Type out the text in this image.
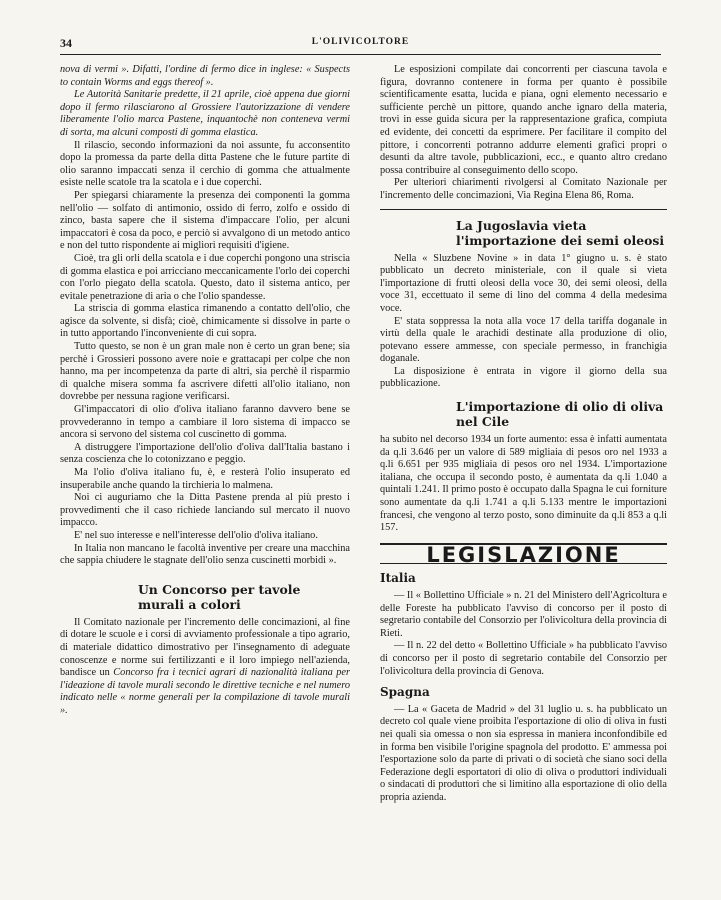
34	L'OLIVICOLTORE

nova di vermi ». Difatti, l'ordine di fermo dice in inglese: « Suspects to contain Worms and eggs thereof ».

Le Autorità Sanitarie predette, il 21 aprile, cioè appena due giorni dopo il fermo rilasciarono al Grossiere l'autorizzazione di vendere liberamente l'olio marca Pastene, inquantochè non conteneva vermi di sorta, ma alcuni composti di gomma elastica.

Il rilascio, secondo informazioni da noi assunte, fu acconsentito dopo la promessa da parte della ditta Pastene che le future partite di olio saranno impaccati senza il cerchio di gomma che attualmente esiste nelle scatole tra la scatola e i due coperchi.

Per spiegarsi chiaramente la presenza dei componenti la gomma nell'olio — solfato di antimonio, ossido di ferro, zolfo e ossido di zinco, basta sapere che il sistema d'impaccare l'olio, per alcuni impaccatori è cosa da poco, e perciò si avvalgono di un metodo antico e non del tutto rispondente ai migliori requisiti d'igiene.

Cioè, tra gli orli della scatola e i due coperchi pongono una striscia di gomma elastica e poi arricciano meccanicamente l'orlo dei coperchi con l'orlo piegato della scatola. Questo, dato il sistema antico, per evitale penetrazione di aria o che l'olio spandesse.

La striscia di gomma elastica rimanendo a contatto dell'olio, che agisce da solvente, si disfà; cioè, chimicamente si dissolve in parte o in tutto apportando l'inconveniente di cui sopra.

Tutto questo, se non è un gran male non è certo un gran bene; sia perchè i Grossieri possono avere noie e grattacapi per colpe che non hanno, ma per incompetenza da parte di altri, sia perchè il risparmio di qualche misera somma fa ascrivere difetti all'olio italiano, non dovrebbe per nessuna ragione verificarsi.

Gl'impaccatori di olio d'oliva italiano faranno davvero bene se provvederanno in tempo a cambiare il loro sistema di impacco se ancora si servono del sistema col cuscinetto di gomma.

A distruggere l'importazione dell'olio d'oliva dall'Italia bastano i senza coscienza che lo cotonizzano e peggio.

Ma l'olio d'oliva italiano fu, è, e resterà l'olio insuperato ed insuperabile anche quando la tirchieria lo malmena.

Noi ci auguriamo che la Ditta Pastene prenda al più presto i provvedimenti che il caso richiede lanciando sul mercato il nuovo impacco.

E' nel suo interesse e nell'interesse dell'olio d'oliva italiano.

In Italia non mancano le facoltà inventive per creare una macchina che sappia chiudere le stagnate dell'olio senza cuscinetti morbidi ».

Un Concorso per tavole murali a colori

Il Comitato nazionale per l'incremento delle concimazioni, al fine di dotare le scuole e i corsi di avviamento professionale a tipo agrario, di materiale didattico dimostrativo per l'insegnamento di adeguate conoscenze e norme sui fertilizzanti e il loro impiego nell'azienda, bandisce un Concorso fra i tecnici agrari di nazionalità italiana per l'ideazione di tavole murali secondo le direttive tecniche e nel numero indicato nelle « norme generali per la compilazione di tavole murali ».

Le esposizioni compilate dai concorrenti per ciascuna tavola e figura, dovranno contenere in forma per quanto è possibile scientificamente esatta, lucida e piana, ogni elemento necessario e sufficiente perchè un pittore, quando anche ignaro della materia, trovi in esse guida sicura per la rappresentazione grafica, compiuta ed evidente, dei concetti da esprimere. Per facilitare il compito del pittore, i concorrenti potranno addurre elementi grafici propri o desunti da altre tavole, pubblicazioni, ecc., e quanto altro credano possa contribuire al conseguimento dello scopo.

Per ulteriori chiarimenti rivolgersi al Comitato Nazionale per l'incremento delle concimazioni, Via Regina Elena 86, Roma.

La Jugoslavia vieta l'importazione dei semi oleosi

Nella « Sluzbene Novine » in data 1° giugno u. s. è stato pubblicato un decreto ministeriale, con il quale si vieta l'importazione di frutti oleosi della voce 30, dei semi oleosi, della voce 31, eccettuato il seme di lino del comma 4 della medesima voce.

E' stata soppressa la nota alla voce 17 della tariffa doganale in virtù della quale le arachidi destinate alla produzione di olio, potevano essere ammesse, con speciale permesso, in franchigia doganale.

La disposizione è entrata in vigore il giorno della sua pubblicazione.

L'importazione di olio di oliva nel Cile

ha subito nel decorso 1934 un forte aumento: essa è infatti aumentata da q.li 3.646 per un valore di 589 migliaia di pesos oro nel 1933 a q.li 6.651 per 935 migliaia di pesos oro nel 1934. L'importazione italiana, che occupa il secondo posto, è aumentata da q.li 1.040 a quintali 1.241. Il primo posto è occupato dalla Spagna le cui forniture sono aumentate da q.li 1.741 a q.li 5.133 mentre le importazioni francesi, che vengono al terzo posto, sono diminuite da q.li 853 a q.li 157.

LEGISLAZIONE
Italia

— Il « Bollettino Ufficiale » n. 21 del Ministero dell'Agricoltura e delle Foreste ha pubblicato l'avviso di concorso per il posto di segretario contabile del Consorzio per l'olivicoltura della provincia di Rieti.

— Il n. 22 del detto « Bollettino Ufficiale » ha pubblicato l'avviso di concorso per il posto di segretario contabile del Consorzio per l'olivicoltura della provincia di Genova.

Spagna

— La « Gaceta de Madrid » del 31 luglio u. s. ha pubblicato un decreto col quale viene proibita l'esportazione di olio di oliva in fusti nei quali sia omessa o non sia espressa in maniera inconfondibile ed in forma ben visibile l'origine spagnola del prodotto. E' ammessa poi l'esportazione solo da parte di privati o di società che siano soci della Federazione degli esportatori di olio di oliva o produttori individuali o sindacati di produttori che si limitino alla esportazione di olio della propria azienda.
